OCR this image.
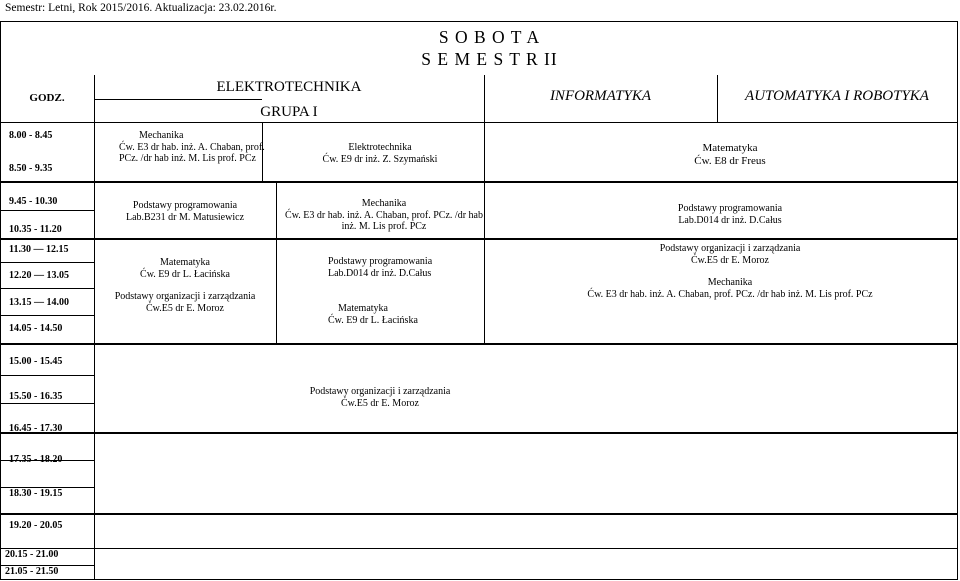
Semestr: Letni, Rok 2015/2016. Aktualizacja: 23.02.2016r.
S O B O T A
S E M E S T R II
GODZ.
ELEKTROTECHNIKA
GRUPA I
INFORMATYKA	AUTOMATYKA I ROBOTYKA
8.00 - 8.45
8.50 - 9.35
9.45 - 10.30
10.35 - 11.20
11.30 — 12.15
12.20 — 13.05
13.15 — 14.00
14.05 - 14.50
15.00 - 15.45
15.50 - 16.35
16.45 - 17.30
17.35 - 18.20
18.30 - 19.15
19.20 - 20.05
20.15 - 21.00
21.05 - 21.50
Mechanika
Ćw. E3 dr hab. inż. A. Chaban, prof.
PCz. /dr hab inż. M. Lis prof. PCz
Elektrotechnika
Ćw. E9 dr inż. Z. Szymański
Matematyka
Ćw. E8 dr Freus
Podstawy programowania
Lab.B231 dr M. Matusiewicz
Mechanika
Ćw. E3 dr hab. inż. A. Chaban, prof. PCz. /dr hab
inż. M. Lis prof. PCz
Podstawy programowania
Lab.D014 dr inż. D.Całus
Matematyka
Ćw. E9 dr L. Łacińska
Podstawy organizacji i zarządzania
Ćw.E5 dr E. Moroz
Podstawy programowania
Lab.D014 dr inż. D.Całus
Matematyka
Ćw. E9 dr L. Łacińska
Podstawy organizacji i zarządzania
Ćw.E5 dr E. Moroz
Mechanika
Ćw. E3 dr hab. inż. A. Chaban, prof. PCz. /dr hab inż. M. Lis prof. PCz
Podstawy organizacji i zarządzania
Ćw.E5 dr E. Moroz
